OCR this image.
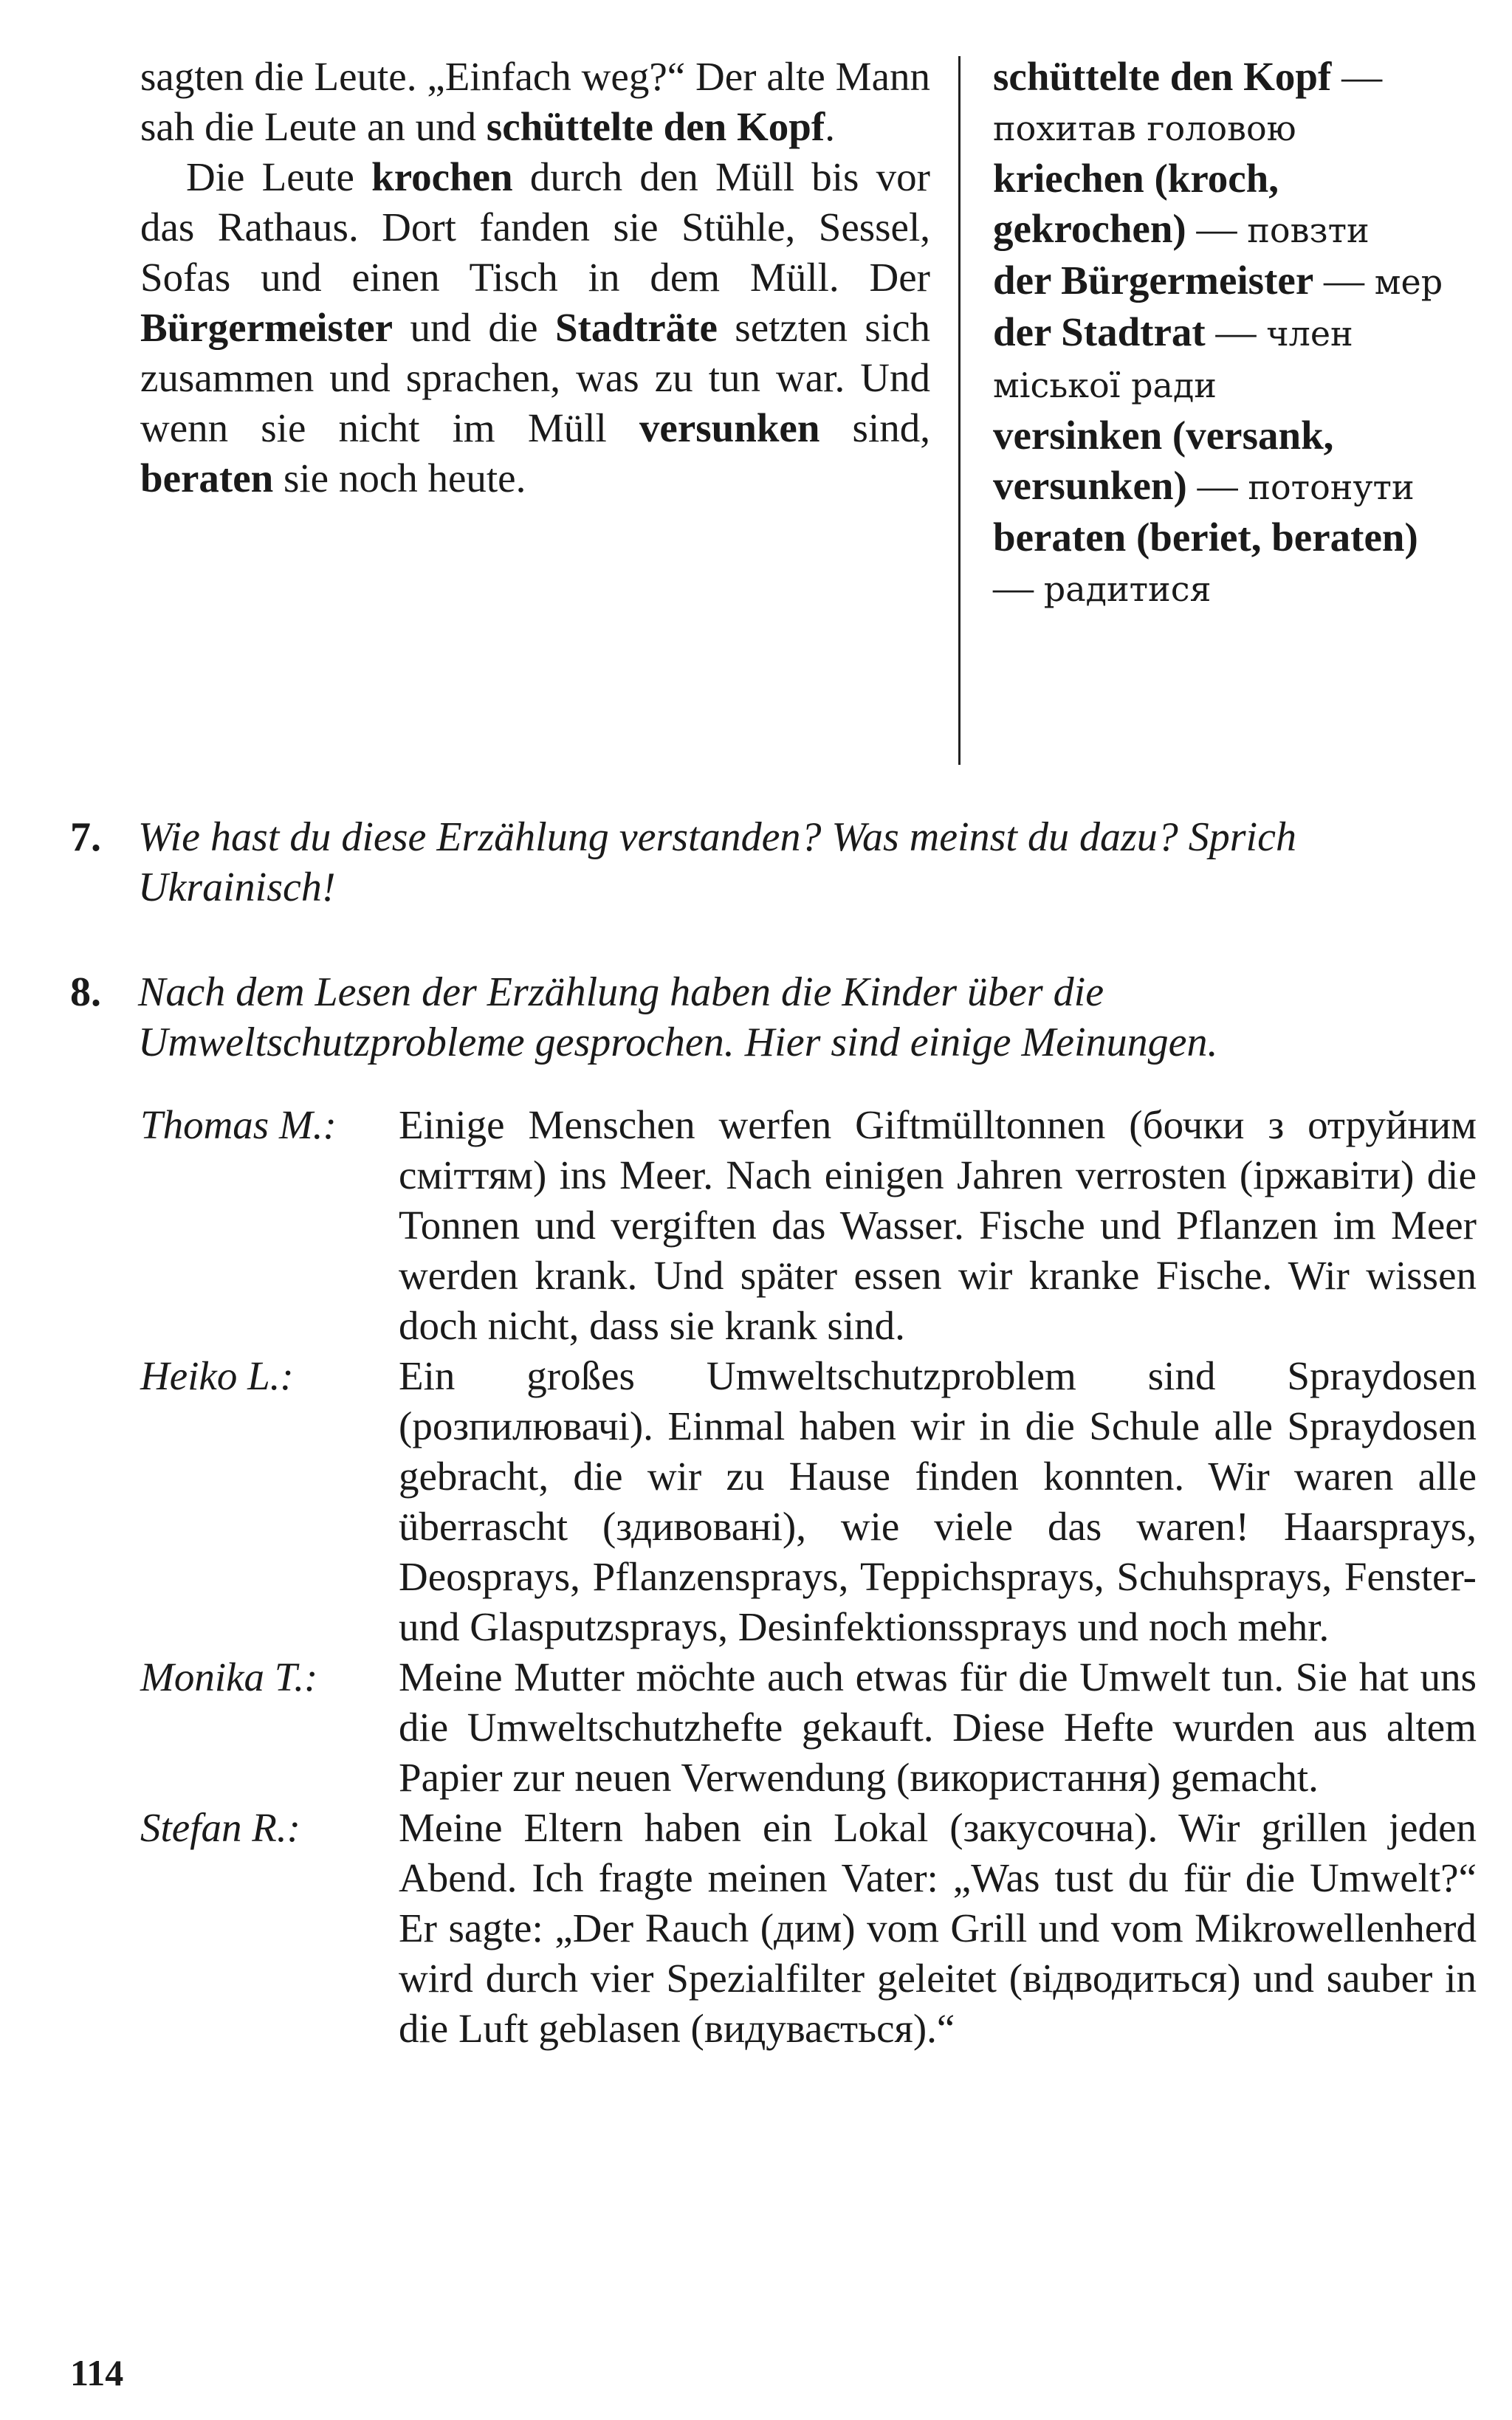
sagten die Leute. „Einfach weg?“ Der alte Mann sah die Leute an und schüttelte den Kopf.

Die Leute krochen durch den Müll bis vor das Rathaus. Dort fanden sie Stühle, Sessel, Sofas und einen Tisch in dem Müll. Der Bürgermeister und die Stadträte setzten sich zusammen und sprachen, was zu tun war. Und wenn sie nicht im Müll versunken sind, beraten sie noch heute.

schüttelte den Kopf — похитав головою
kriechen (kroch, gekrochen) — повзти
der Bürgermeister — мер
der Stadtrat — член міської ради
versinken (versank, versunken) — потонути
beraten (beriet, beraten) — радитися
7. Wie hast du diese Erzählung verstanden? Was meinst du dazu? Sprich Ukrainisch!
8. Nach dem Lesen der Erzählung haben die Kinder über die Umweltschutzprobleme gesprochen. Hier sind einige Meinungen.
Thomas M.:	Einige Menschen werfen Giftmülltonnen (бочки з отруйним сміттям) ins Meer. Nach einigen Jahren verrosten (іржавіти) die Tonnen und vergiften das Wasser. Fische und Pflanzen im Meer werden krank. Und später essen wir kranke Fische. Wir wissen doch nicht, dass sie krank sind.
Heiko L.:	Ein großes Umweltschutzproblem sind Spraydosen (розпилювачі). Einmal haben wir in die Schule alle Spraydosen gebracht, die wir zu Hause finden konnten. Wir waren alle überrascht (здивовані), wie viele das waren! Haarsprays, Deosprays, Pflanzensprays, Teppichsprays, Schuhsprays, Fenster- und Glasputzsprays, Desinfektionssprays und noch mehr.
Monika T.:	Meine Mutter möchte auch etwas für die Umwelt tun. Sie hat uns die Umweltschutzhefte gekauft. Diese Hefte wurden aus altem Papier zur neuen Verwendung (використання) gemacht.
Stefan R.:	Meine Eltern haben ein Lokal (закусочна). Wir grillen jeden Abend. Ich fragte meinen Vater: „Was tust du für die Umwelt?“ Er sagte: „Der Rauch (дим) vom Grill und vom Mikrowellenherd wird durch vier Spezialfilter geleitet (відводиться) und sauber in die Luft geblasen (видувається).“
114
